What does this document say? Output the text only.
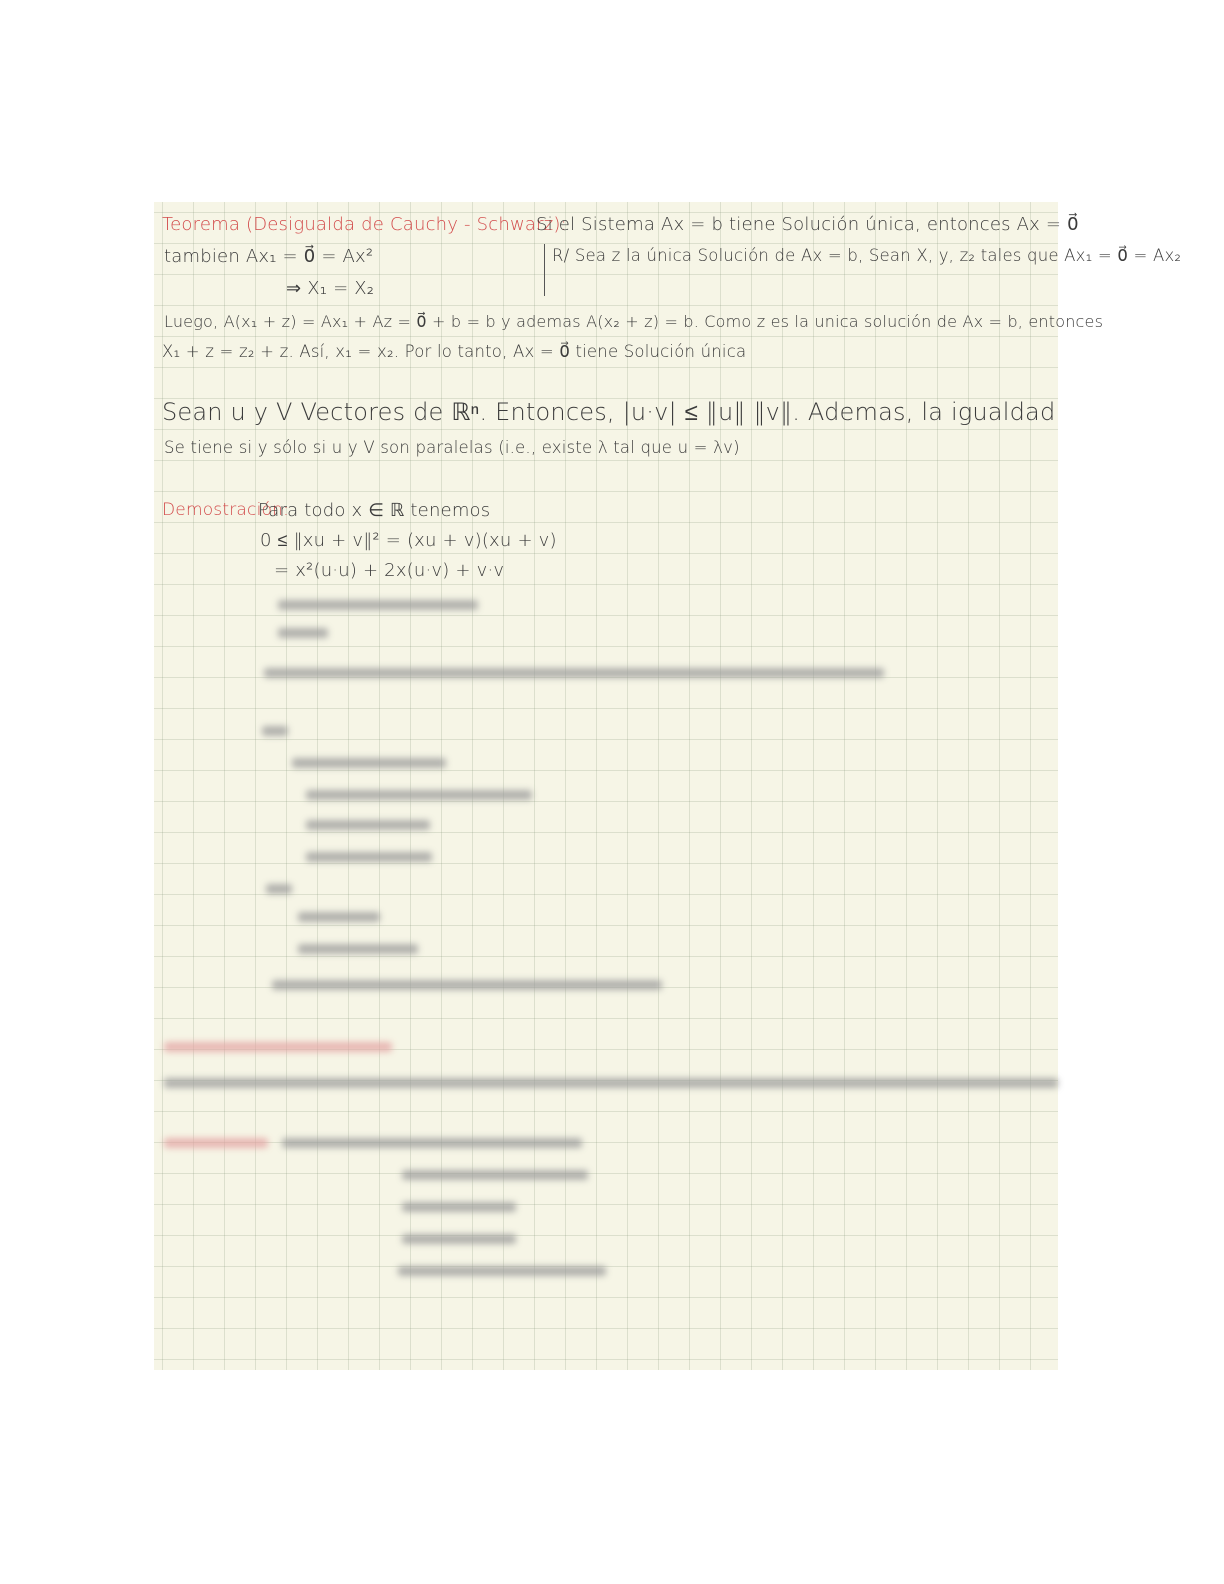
Teorema (Desigualda de Cauchy - Schwarz):
Si el Sistema Ax = b tiene Solución única, entonces Ax = 0⃗
tambien Ax₁ = 0⃗ = Ax²	R/ Sea z la única Solución de Ax = b, Sean X, y, z₂ tales que Ax₁ = 0⃗ = Ax₂
⇒ X₁ = X₂
Luego, A(x₁ + z) = Ax₁ + Az = 0⃗ + b = b y ademas A(x₂ + z) = b. Como z es la unica solución de Ax = b, entonces
X₁ + z = z₂ + z. Así, x₁ = x₂. Por lo tanto, Ax = 0⃗ tiene Solución única
Sean u y V Vectores de ℝⁿ. Entonces, |u·v| ≤ ‖u‖ ‖v‖. Ademas, la igualdad
Se tiene si y sólo si u y V son paralelas (i.e., existe λ tal que u = λv)
Demostración:
Para todo x ∈ ℝ tenemos
0 ≤ ‖xu + v‖² = (xu + v)(xu + v)
= x²(u·u) + 2x(u·v) + v·v
